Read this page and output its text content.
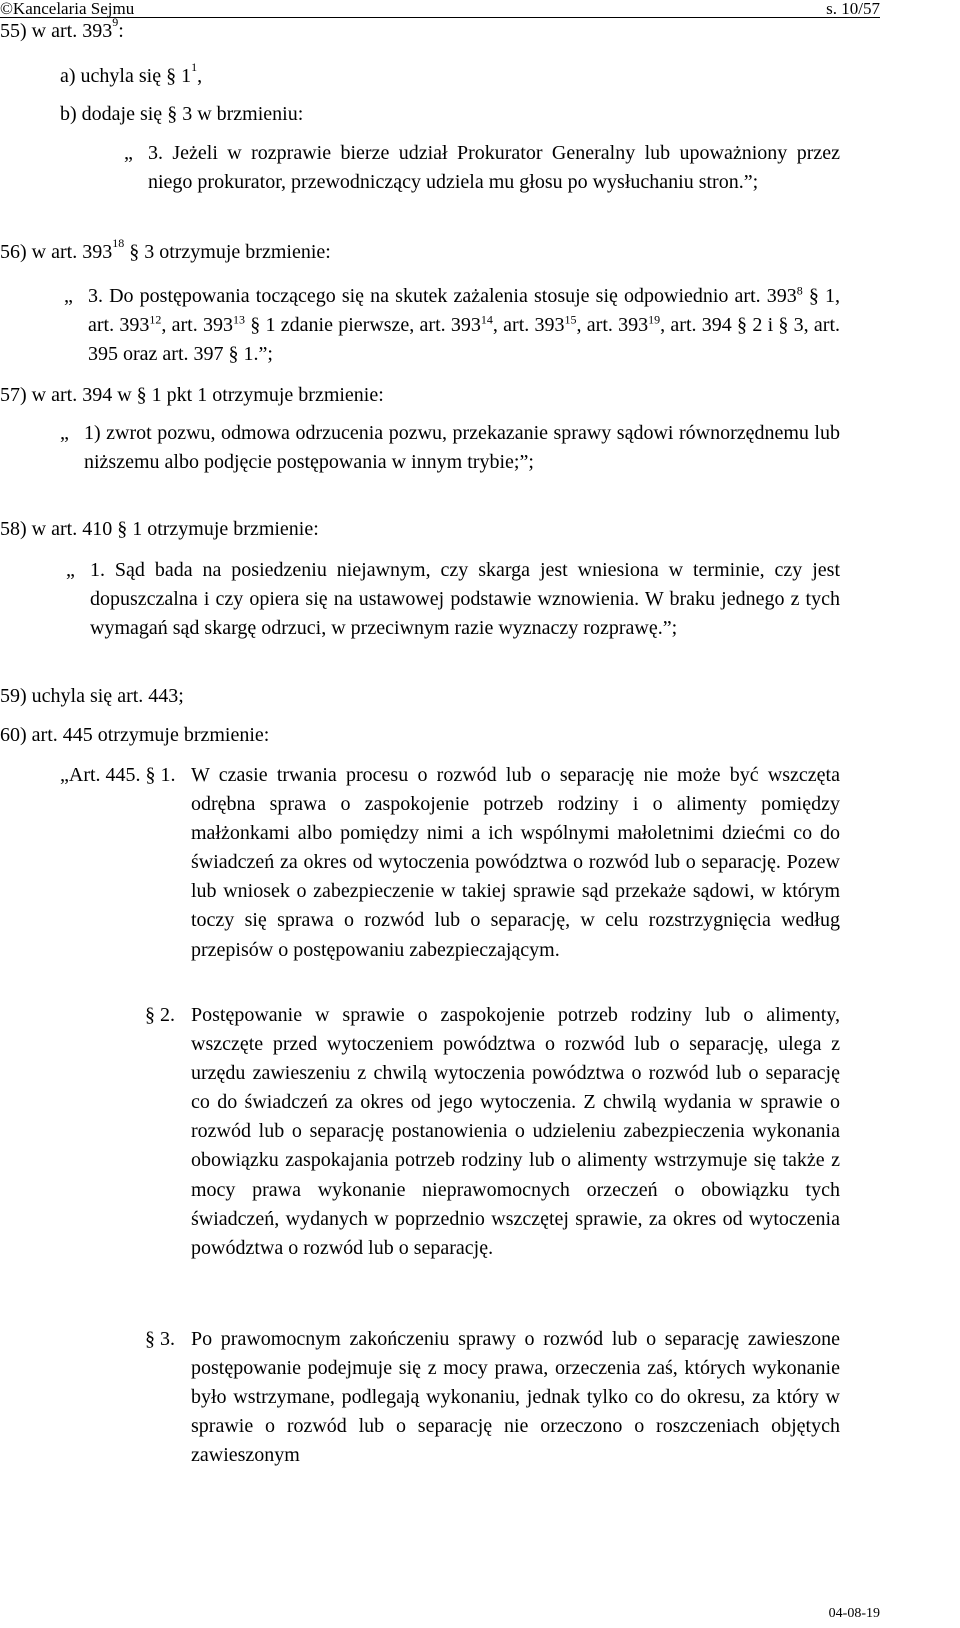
©Kancelaria Sejmu	s. 10/57
55) w art. $393^9$:
a) uchyla się § $1^1$,
b) dodaje się § 3 w brzmieniu:

„ 3. Jeżeli w rozprawie bierze udział Prokurator Generalny lub upoważniony przez niego prokurator, przewodniczący udziela mu głosu po wysłuchaniu stron.”;

56) w art. $393^{18}$ § 3 otrzymuje brzmienie:

„ 3. Do postępowania toczącego się na skutek zażalenia stosuje się odpowiednio art. $393^8$ § 1, art. $393^{12}$, art. $393^{13}$ § 1 zdanie pierwsze, art. $393^{14}$, art. $393^{15}$, art. $393^{19}$, art. 394 § 2 i § 3, art. 395 oraz art. 397 § 1.”;

57) w art. 394 w § 1 pkt 1 otrzymuje brzmienie:

„ 1) zwrot pozwu, odmowa odrzucenia pozwu, przekazanie sprawy sądowi równorzędnemu lub niższemu albo podjęcie postępowania w innym trybie;”;

58) w art. 410 § 1 otrzymuje brzmienie:

„ 1. Sąd bada na posiedzeniu niejawnym, czy skarga jest wniesiona w terminie, czy jest dopuszczalna i czy opiera się na ustawowej podstawie wznowienia. W braku jednego z tych wymagań sąd skargę odrzuci, w przeciwnym razie wyznaczy rozprawę.”;

59) uchyla się art. 443;
60) art. 445 otrzymuje brzmienie:
„Art. 445. § 1. W czasie trwania procesu o rozwód lub o separację nie może być wszczęta odrębna sprawa o zaspokojenie potrzeb rodziny i o alimenty pomiędzy małżonkami albo pomiędzy nimi a ich wspólnymi małoletnimi dziećmi co do świadczeń za okres od wytoczenia powództwa o rozwód lub o separację. Pozew lub wniosek o zabezpieczenie w takiej sprawie sąd przekaże sądowi, w którym toczy się sprawa o rozwód lub o separację, w celu rozstrzygnięcia według przepisów o postępowaniu zabezpieczającym.

§ 2. Postępowanie w sprawie o zaspokojenie potrzeb rodziny lub o alimenty, wszczęte przed wytoczeniem powództwa o rozwód lub o separację, ulega z urzędu zawieszeniu z chwilą wytoczenia powództwa o rozwód lub o separację co do świadczeń za okres od jego wytoczenia. Z chwilą wydania w sprawie o rozwód lub o separację postanowienia o udzieleniu zabezpieczenia wykonania obowiązku zaspokajania potrzeb rodziny lub o alimenty wstrzymuje się także z mocy prawa wykonanie nieprawomocnych orzeczeń o obowiązku tych świadczeń, wydanych w poprzednio wszczętej sprawie, za okres od wytoczenia powództwa o rozwód lub o separację.

§ 3. Po prawomocnym zakończeniu sprawy o rozwód lub o separację zawieszone postępowanie podejmuje się z mocy prawa, orzeczenia zaś, których wykonanie było wstrzymane, podlegają wykonaniu, jednak tylko co do okresu, za który w sprawie o rozwód lub o separację nie orzeczono o roszczeniach objętych zawieszonym

04-08-19
